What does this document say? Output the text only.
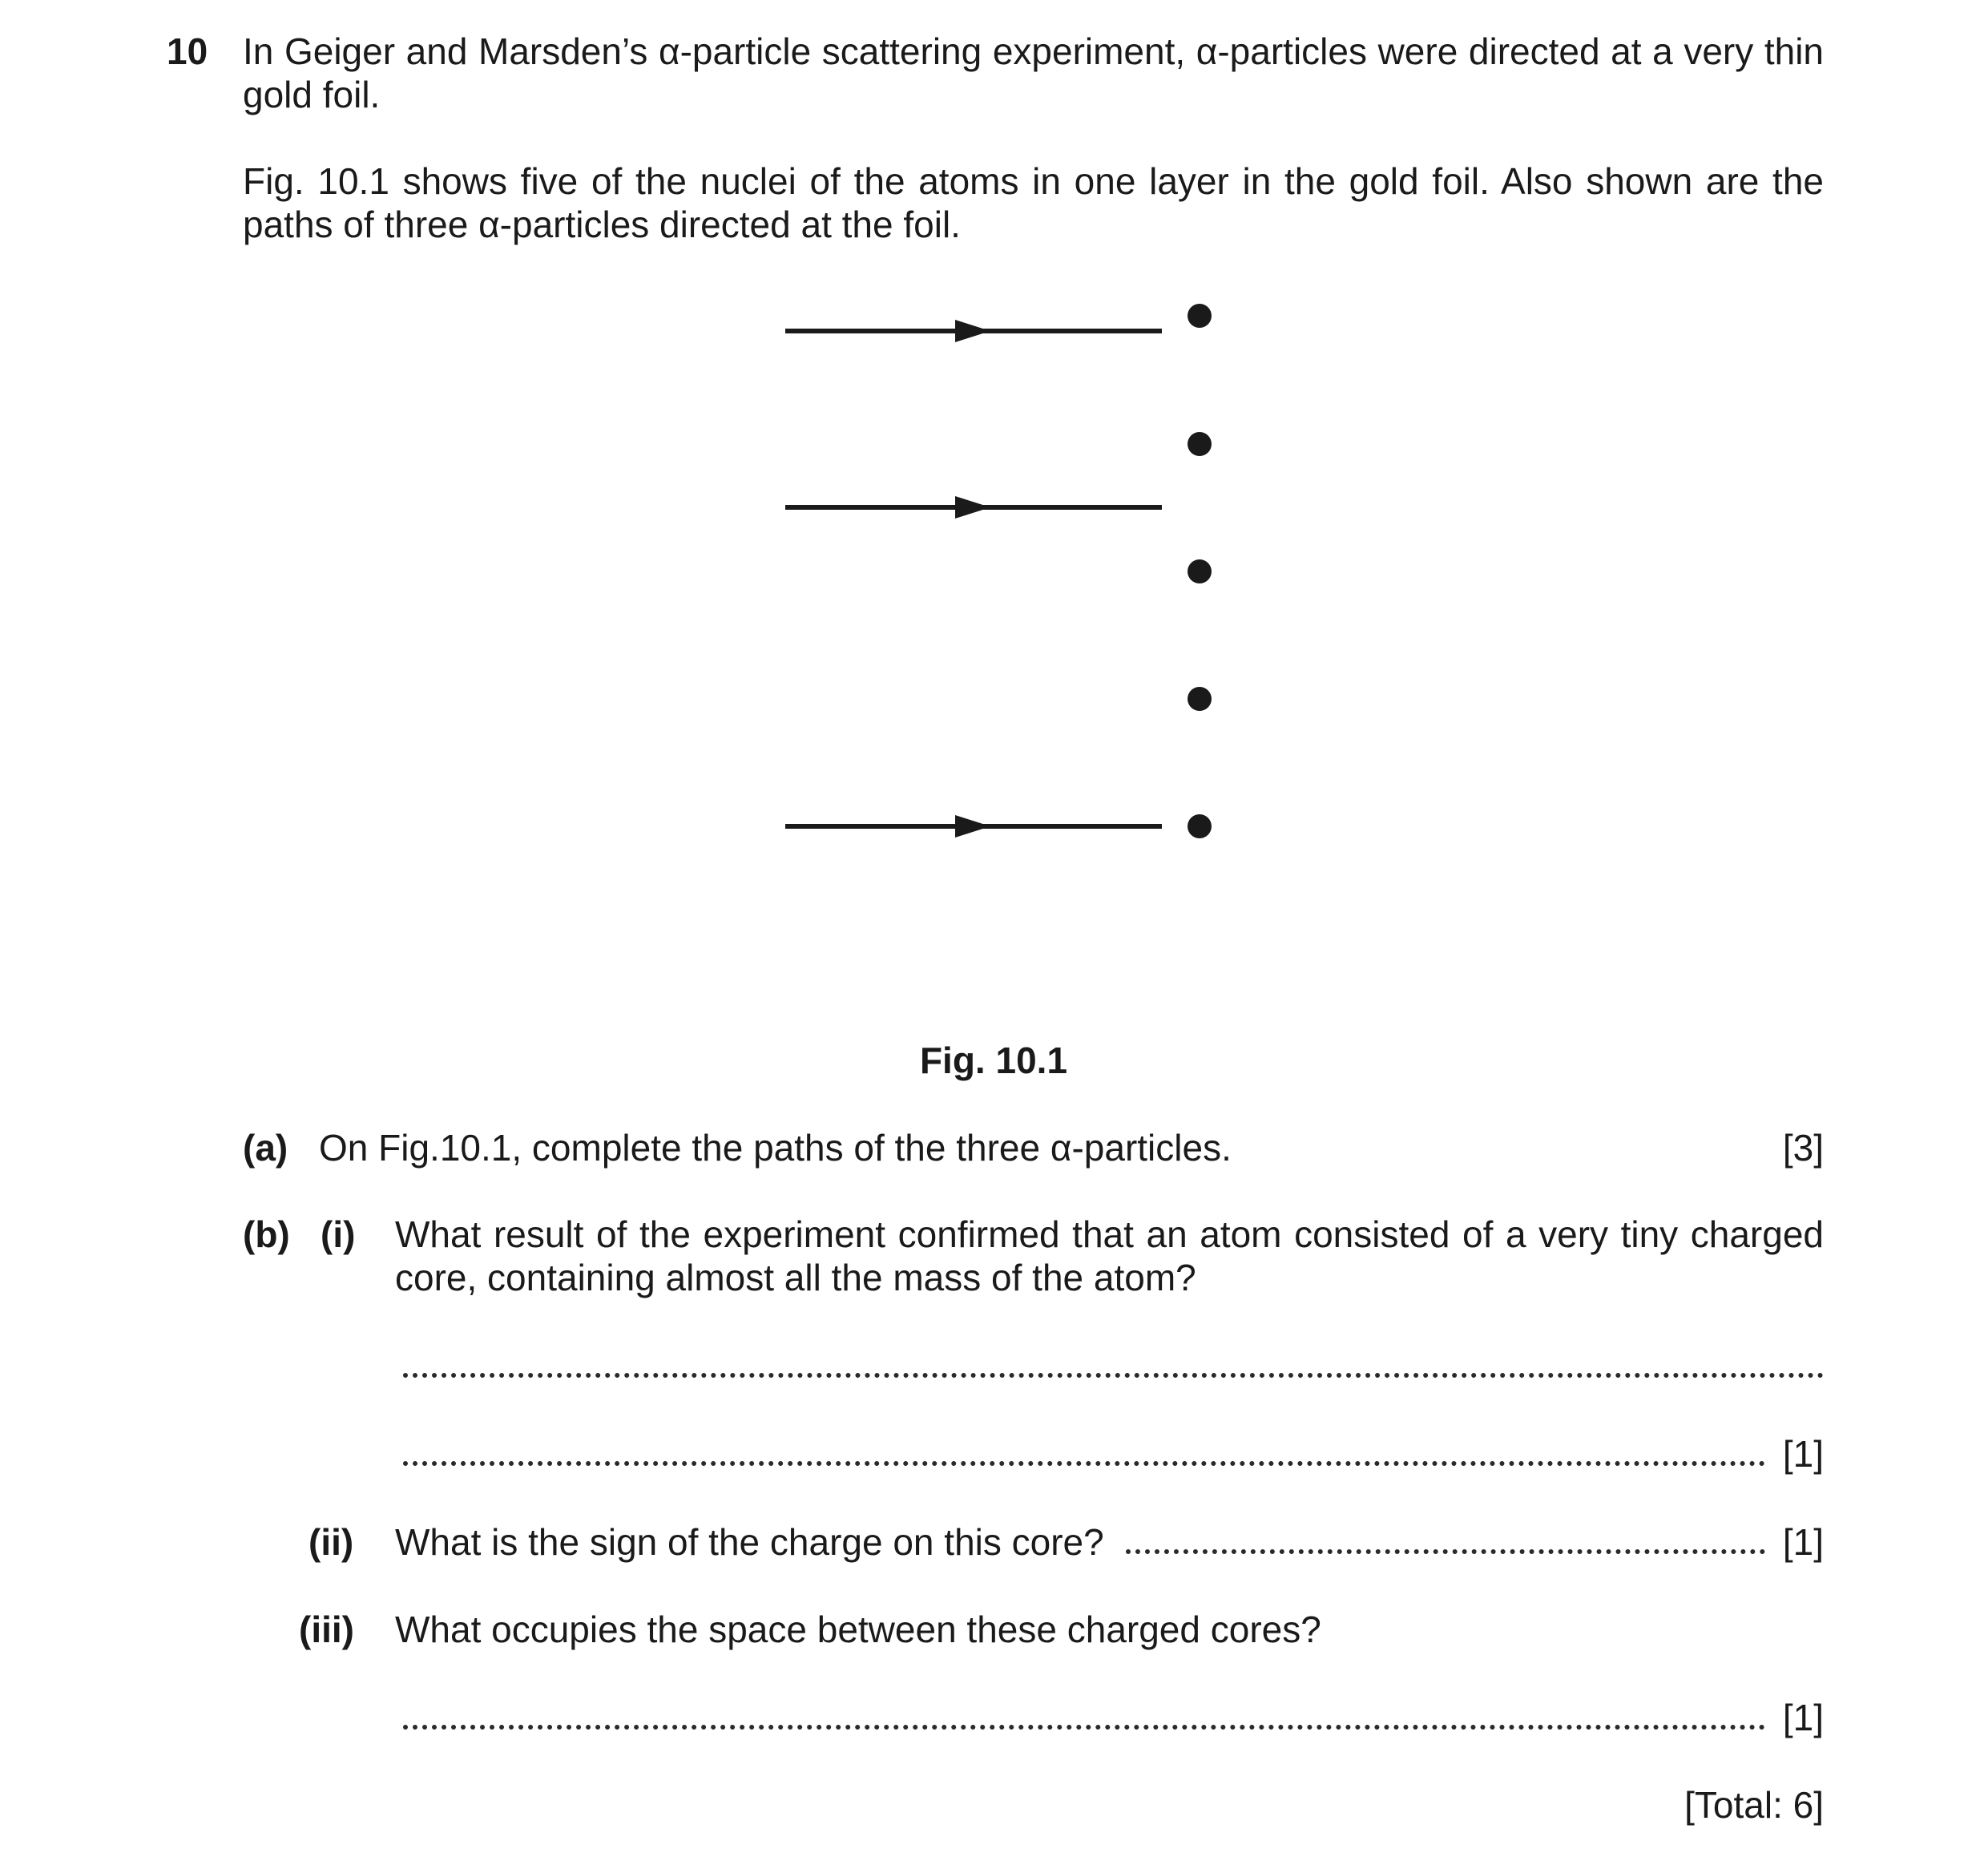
10 In Geiger and Marsden’s α-particle scattering experiment, α-particles were directed at a very thin
gold foil.
Fig. 10.1 shows five of the nuclei of the atoms in one layer in the gold foil. Also shown are the
paths of three α-particles directed at the foil.
Fig. 10.1
(a) On Fig.10.1, complete the paths of the three α-particles.	[3]
(b) (i) What result of the experiment confirmed that an atom consisted of a very tiny charged
core, containing almost all the mass of the atom?
[1]
(ii) What is the sign of the charge on this core?	[1]
(iii) What occupies the space between these charged cores?
[1]
[Total: 6]
